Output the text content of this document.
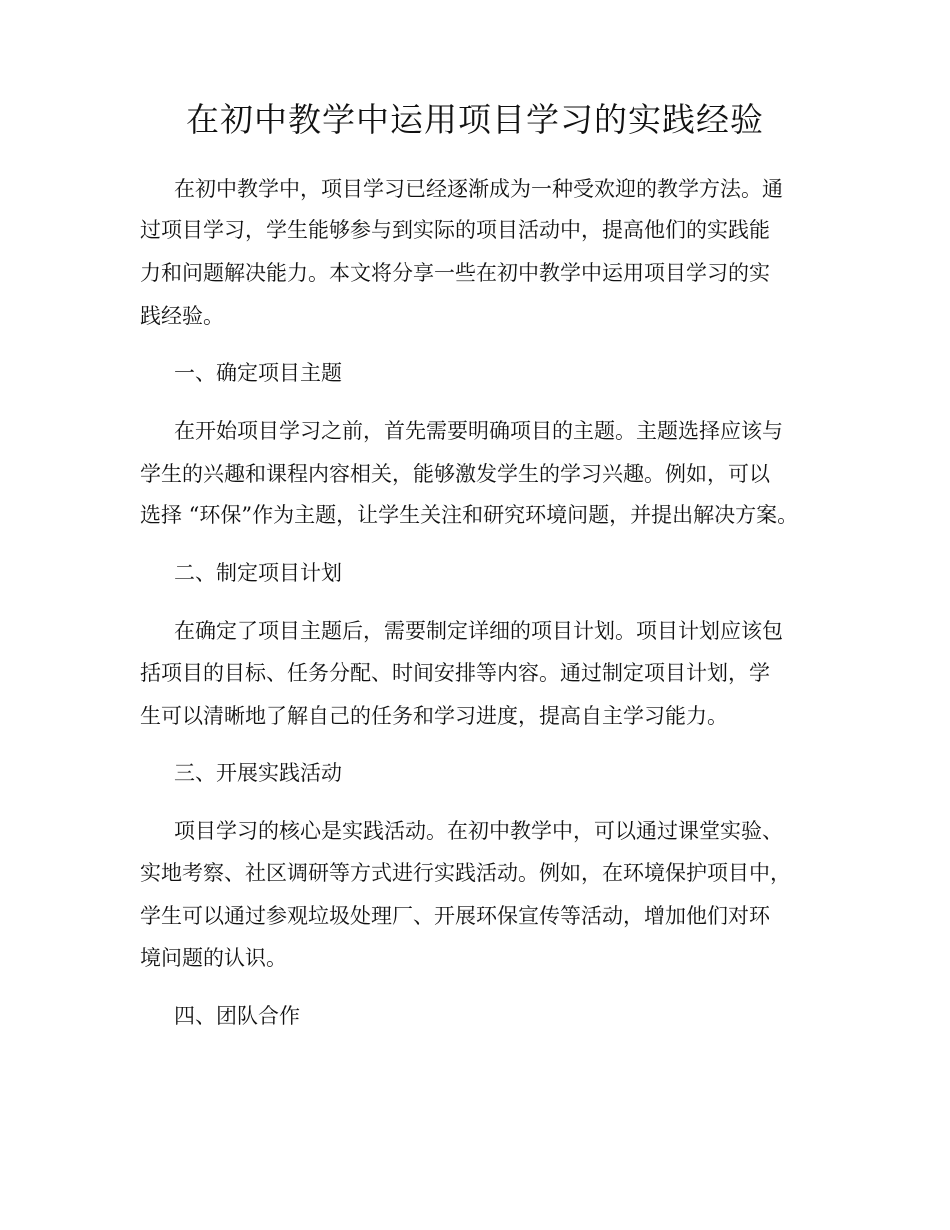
在初中教学中运用项目学习的实践经验

在初中教学中，项目学习已经逐渐成为一种受欢迎的教学方法。通

过项目学习，学生能够参与到实际的项目活动中，提高他们的实践能

力和问题解决能力。本文将分享一些在初中教学中运用项目学习的实

践经验。

一、确定项目主题

在开始项目学习之前，首先需要明确项目的主题。主题选择应该与

学生的兴趣和课程内容相关，能够激发学生的学习兴趣。例如，可以

选择 “环保”作为主题，让学生关注和研究环境问题，并提出解决方案。

二、制定项目计划

在确定了项目主题后，需要制定详细的项目计划。项目计划应该包

括项目的目标、任务分配、时间安排等内容。通过制定项目计划，学

生可以清晰地了解自己的任务和学习进度，提高自主学习能力。

三、开展实践活动

项目学习的核心是实践活动。在初中教学中，可以通过课堂实验、

实地考察、社区调研等方式进行实践活动。例如，在环境保护项目中，

学生可以通过参观垃圾处理厂、开展环保宣传等活动，增加他们对环

境问题的认识。

四、团队合作
